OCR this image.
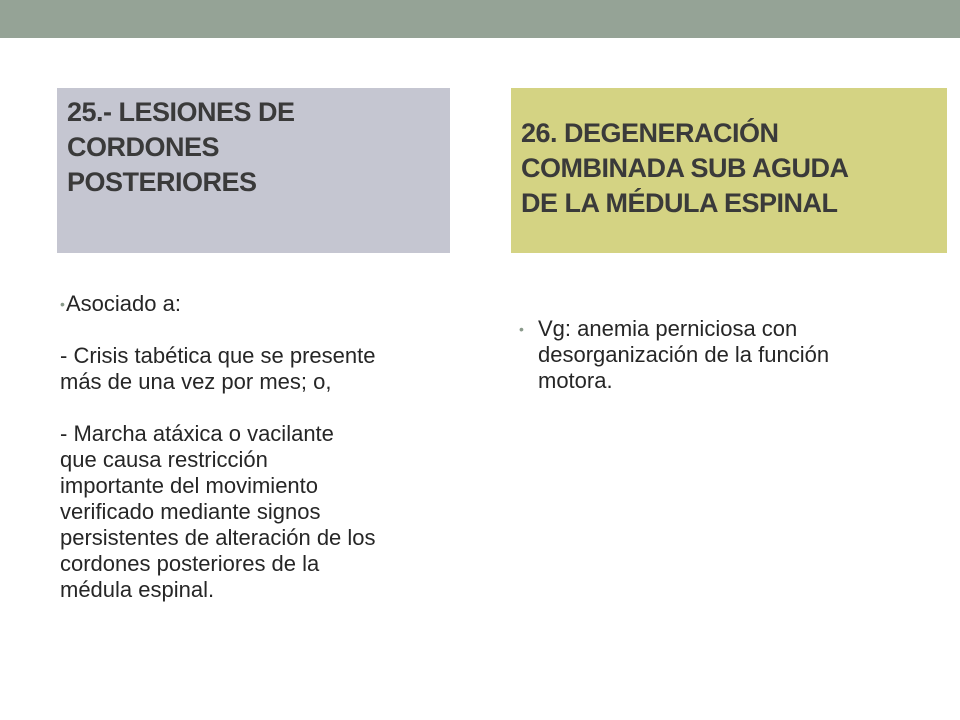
25.- LESIONES DE
CORDONES
POSTERIORES
26. DEGENERACIÓN
COMBINADA SUB AGUDA
DE LA MÉDULA ESPINAL
•Asociado a:
- Crisis tabética que se presente
más de una vez por mes; o,
- Marcha atáxica o vacilante
que causa restricción
importante del movimiento
verificado mediante signos
persistentes de alteración de los
cordones posteriores de la
médula espinal.
• Vg: anemia perniciosa con
desorganización de la función
motora.
